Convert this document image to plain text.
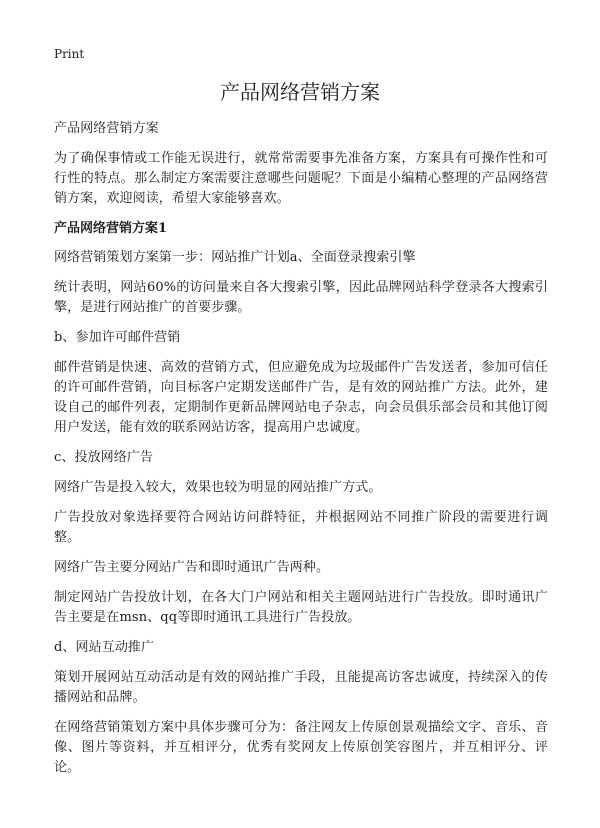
Print
产品网络营销方案

产品网络营销方案

为了确保事情或工作能无误进行，就常常需要事先准备方案，方案具有可操作性和可行性的特点。那么制定方案需要注意哪些问题呢？下面是小编精心整理的产品网络营销方案，欢迎阅读，希望大家能够喜欢。

产品网络营销方案1

网络营销策划方案第一步：网站推广计划a、全面登录搜索引擎

统计表明，网站60%的访问量来自各大搜索引擎，因此品牌网站科学登录各大搜索引擎，是进行网站推广的首要步骤。

b、参加许可邮件营销

邮件营销是快速、高效的营销方式，但应避免成为垃圾邮件广告发送者，参加可信任的许可邮件营销，向目标客户定期发送邮件广告，是有效的网站推广方法。此外，建设自己的邮件列表，定期制作更新品牌网站电子杂志，向会员俱乐部会员和其他订阅用户发送，能有效的联系网站访客，提高用户忠诚度。

c、投放网络广告

网络广告是投入较大，效果也较为明显的网站推广方式。

广告投放对象选择要符合网站访问群特征，并根据网站不同推广阶段的需要进行调整。

网络广告主要分网站广告和即时通讯广告两种。

制定网站广告投放计划，在各大门户网站和相关主题网站进行广告投放。即时通讯广告主要是在msn、qq等即时通讯工具进行广告投放。

d、网站互动推广

策划开展网站互动活动是有效的网站推广手段，且能提高访客忠诚度，持续深入的传播网站和品牌。

在网络营销策划方案中具体步骤可分为：备注网友上传原创景观描绘文字、音乐、音像、图片等资料，并互相评分，优秀有奖网友上传原创笑容图片，并互相评分、评论。
